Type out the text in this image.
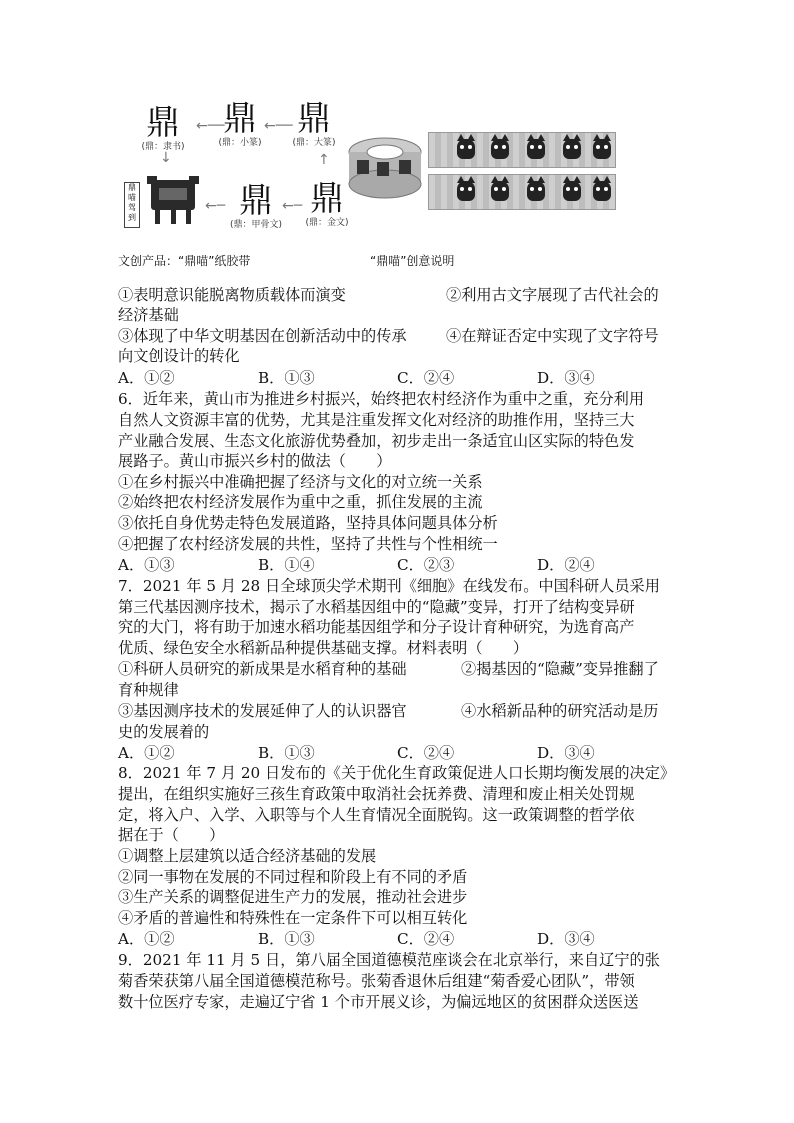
鼎
(鼎：隶书)
←──
鼎
(鼎：小篆)
←── 鼎
(鼎：大篆)
↓	↑
鼎喵驾到
←─ 鼎
(鼎：甲骨文)
←─ 鼎
(鼎：金文)
文创产品：“鼎喵”纸胶带	“鼎喵”创意说明
①表明意识能脱离物质载体而演变	②利用古文字展现了古代社会的
经济基础
③体现了中华文明基因在创新活动中的传承	④在辩证否定中实现了文字符号
向文创设计的转化
A．①②	B．①③	C．②④	D．③④
6．近年来，黄山市为推进乡村振兴，始终把农村经济作为重中之重，充分利用
自然人文资源丰富的优势，尤其是注重发挥文化对经济的助推作用，坚持三大
产业融合发展、生态文化旅游优势叠加，初步走出一条适宜山区实际的特色发
展路子。黄山市振兴乡村的做法（　　）
①在乡村振兴中准确把握了经济与文化的对立统一关系
②始终把农村经济发展作为重中之重，抓住发展的主流
③依托自身优势走特色发展道路，坚持具体问题具体分析
④把握了农村经济发展的共性，坚持了共性与个性相统一
A．①③	B．①④	C．②③	D．②④
7．2021 年 5 月 28 日全球顶尖学术期刊《细胞》在线发布。中国科研人员采用
第三代基因测序技术，揭示了水稻基因组中的“隐藏”变异，打开了结构变异研
究的大门，将有助于加速水稻功能基因组学和分子设计育种研究，为选育高产
优质、绿色安全水稻新品种提供基础支撑。材料表明（　　）
①科研人员研究的新成果是水稻育种的基础	②揭基因的“隐藏”变异推翻了
育种规律
③基因测序技术的发展延伸了人的认识器官	④水稻新品种的研究活动是历
史的发展着的
A．①②	B．①③	C．②④	D．③④
8．2021 年 7 月 20 日发布的《关于优化生育政策促进人口长期均衡发展的决定》
提出，在组织实施好三孩生育政策中取消社会抚养费、清理和废止相关处罚规
定，将入户、入学、入职等与个人生育情况全面脱钩。这一政策调整的哲学依
据在于（　　）
①调整上层建筑以适合经济基础的发展
②同一事物在发展的不同过程和阶段上有不同的矛盾
③生产关系的调整促进生产力的发展，推动社会进步
④矛盾的普遍性和特殊性在一定条件下可以相互转化
A．①②	B．①③	C．②④	D．③④
9．2021 年 11 月 5 日，第八届全国道德模范座谈会在北京举行，来自辽宁的张
菊香荣获第八届全国道德模范称号。张菊香退休后组建“菊香爱心团队”，带领
数十位医疗专家，走遍辽宁省 1 个市开展义诊，为偏远地区的贫困群众送医送
